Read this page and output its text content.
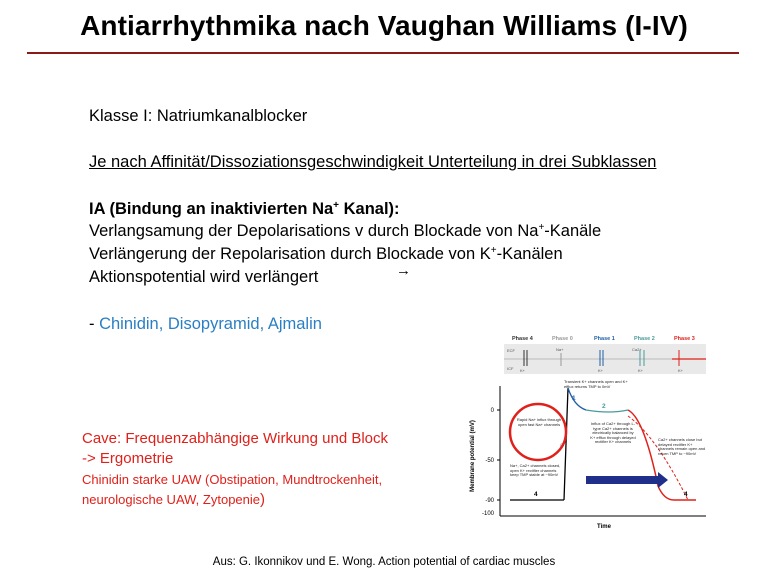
Antiarrhythmika nach Vaughan Williams (I-IV)
Klasse I: Natriumkanalblocker
Je nach Affinität/Dissoziationsgeschwindigkeit Unterteilung in drei Subklassen
IA (Bindung an inaktivierten Na+ Kanal):
Verlangsamung der Depolarisations v durch Blockade von Na+-Kanäle
Verlängerung der Repolarisation durch Blockade von K+-Kanälen
Aktionspotential wird verlängert	→
- Chinidin, Disopyramid, Ajmalin
Cave: Frequenzabhängige Wirkung und Block
-> Ergometrie
Chinidin starke UAW (Obstipation, Mundtrockenheit,
neurologische UAW, Zytopenie)
Phase 4	Phase 0	Phase 1	Phase 2	Phase 3
ECF
ICF
Na+	Ca2+
K+	K+	K+	K+
Membrane potential (mV)
Time
0
-50
-90
-100
1
2
0
4	4
Rapid Na+ influx through open fast Na+ channels
Transient K+ channels open and K+ efflux returns TMP to 0mV
Influx of Ca2+ through L-type Ca2+ channels is electrically balanced by K+ efflux through delayed rectifier K+ channels
Na+, Ca2+ channels closed, open K+ rectifier channels keep TMP stable at ~90mV
Ca2+ channels close but delayed rectifier K+ channels remain open and return TMP to ~90mV
Aus: G. Ikonnikov und E. Wong. Action potential of cardiac muscles
